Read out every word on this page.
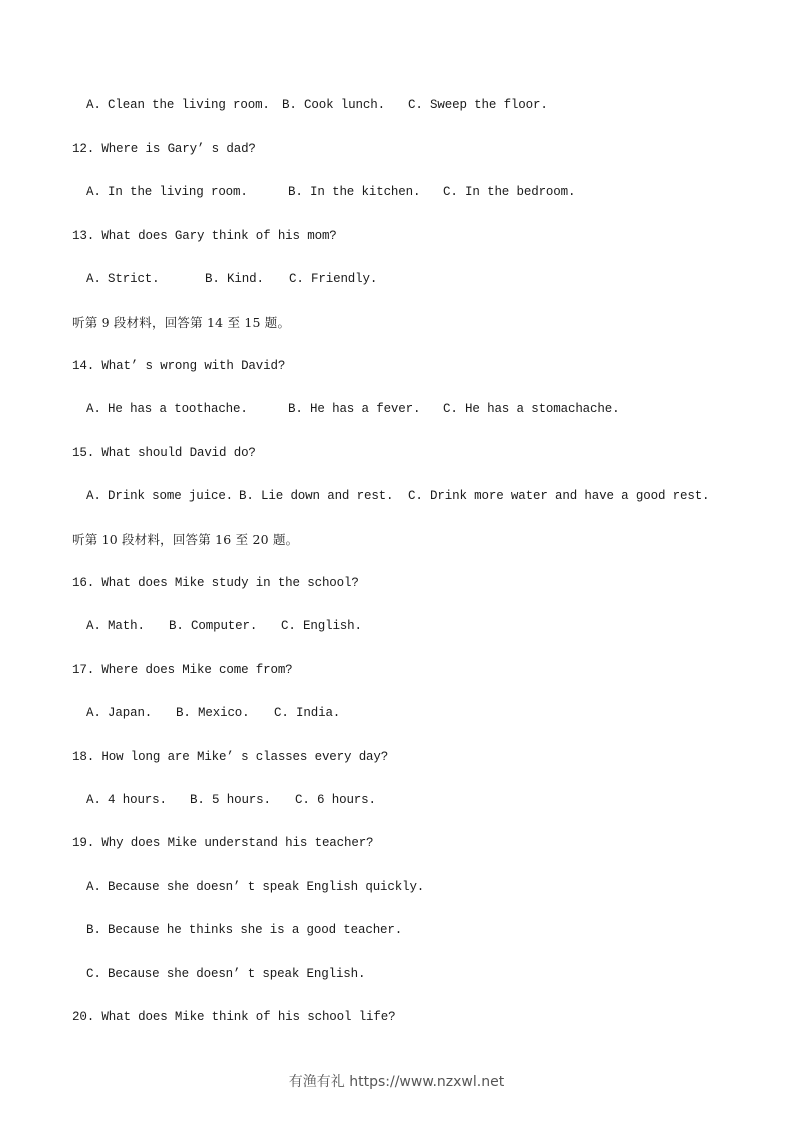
A. Clean the living room. B. Cook lunch. C. Sweep the floor.
12. Where is Gary’ s dad?
A. In the living room.	B. In the kitchen. C. In the bedroom.
13. What does Gary think of his mom?
A. Strict.	B. Kind. C. Friendly.
听第 9 段材料，回答第 14 至 15 题。
14. What’ s wrong with David?
A. He has a toothache.	B. He has a fever. C. He has a stomachache.
15. What should David do?
A. Drink some juice. B. Lie down and rest. C. Drink more water and have a good rest.
听第 10 段材料，回答第 16 至 20 题。
16. What does Mike study in the school?
A. Math. B. Computer. C. English.
17. Where does Mike come from?
A. Japan. B. Mexico. C. India.
18. How long are Mike’ s classes every day?
A. 4 hours. B. 5 hours. C. 6 hours.
19. Why does Mike understand his teacher?
A. Because she doesn’ t speak English quickly.
B. Because he thinks she is a good teacher.
C. Because she doesn’ t speak English.
20. What does Mike think of his school life?
有渔有礼 https://www.nzxwl.net
